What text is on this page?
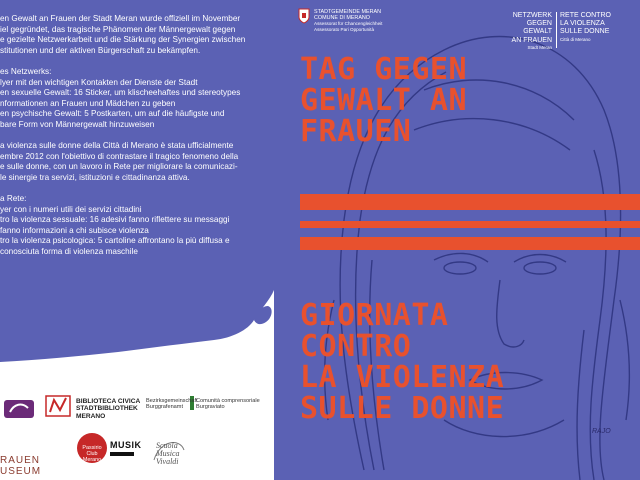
en Gewalt an Frauen der Stadt Meran wurde offiziell im November
iel gegründet, das tragische Phänomen der Männergewalt gegen
e gezielte Netzwerkarbeit und die Stärkung der Synergien zwischen
stitutionen und der aktiven Bürgerschaft zu bekämpfen.
es Netzwerks:
lyer mit den wichtigen Kontakten der Dienste der Stadt
en sexuelle Gewalt: 16 Sticker, um klischeehaftes und stereotypes
nformationen an Frauen und Mädchen zu geben
en psychische Gewalt: 5 Postkarten, um auf die häufigste und
bare Form von Männergewalt hinzuweisen
a violenza sulle donne della Città di Merano è stata ufficialmente
embre 2012 con l'obiettivo di contrastare il tragico fenomeno della
e sulle donne, con un lavoro in Rete per migliorare la comunicazi-
le sinergie tra servizi, istituzioni e cittadinanza attiva.
a Rete:
yer con i numeri utili dei servizi cittadini
tro la violenza sessuale: 16 adesivi fanno riflettere su messaggi
fanno informazioni a chi subisce violenza
tro la violenza psicologica: 5 cartoline affrontano la più diffusa e
conosciuta forma di violenza maschile
RAUEN
USEUM
BIBLIOTECA CIVICA
STADTBIBLIOTHEK
MERANO
Bezirksgemeinschaft
Burggrafenamt
Comunità comprensoriale
Burgraviato
Passirio
Club
Merano
MUSIK Scuola
Musica
Vivaldi
STADTGEMEINDE MERAN
COMUNE DI MERANO
Assessorat für Chancengleichheit
Assessorato Pari Opportunità
NETZWERK
GEGEN GEWALT
AN FRAUEN
Stadt Meran
RETE CONTRO
LA VIOLENZA
SULLE DONNE
Città di Merano
TAG GEGEN
GEWALT AN
FRAUEN
GIORNATA
CONTRO
LA VIOLENZA
SULLE DONNE
RAJO
